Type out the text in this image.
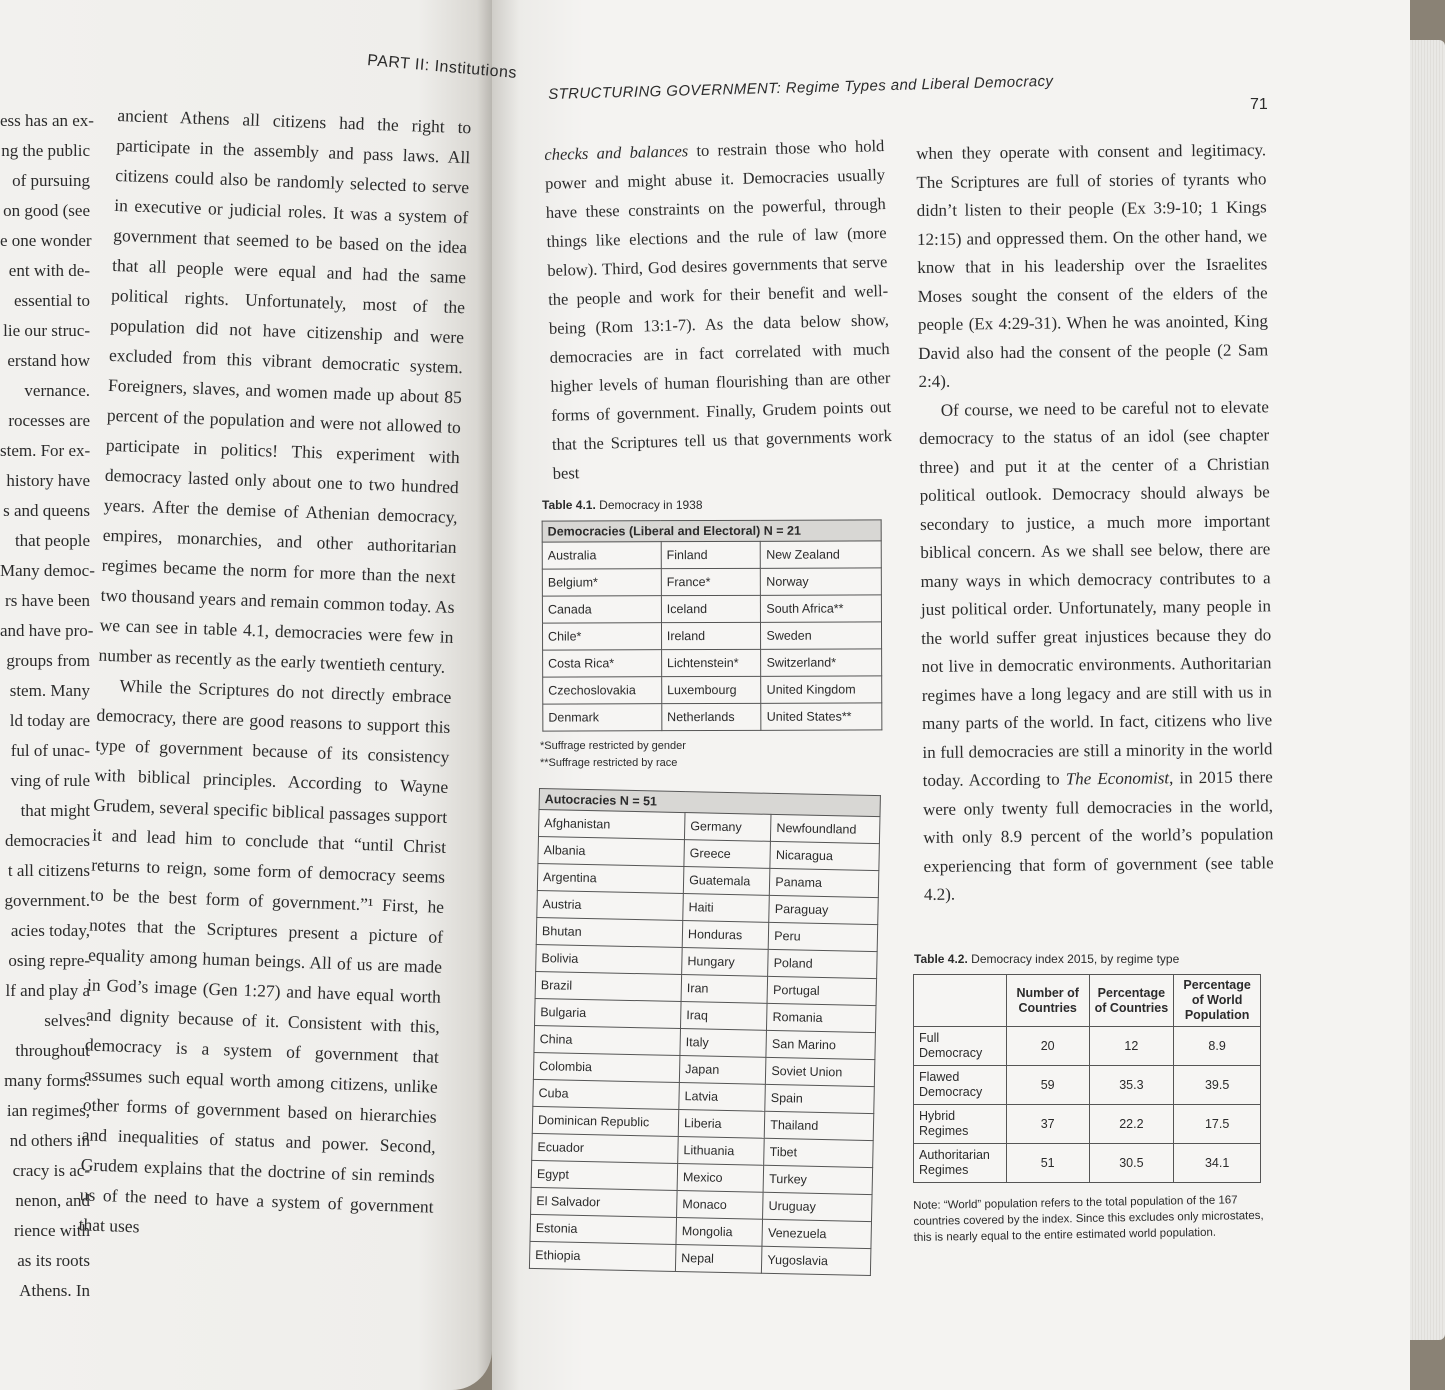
PART II: Institutions
STRUCTURING GOVERNMENT: Regime Types and Liberal Democracy
71
ess has an ex-
ng the public
of pursuing
on good (see
e one wonder
ent with de-
essential to
lie our struc-
erstand how
vernance.
rocesses are
stem. For ex-
history have
s and queens
that people
Many democ-
rs have been
and have pro-
groups from
stem. Many
ld today are
ful of unac-
ving of rule
that might
democracies
t all citizens
government.
acies today,
osing repre-
lf and play a
selves.
throughout
many forms.
ian regimes,
nd others in
cracy is ac-
nenon, and
rience with
as its roots
Athens. In

ancient Athens all citizens had the right to participate in the assembly and pass laws. All citizens could also be randomly selected to serve in executive or judicial roles. It was a system of government that seemed to be based on the idea that all people were equal and had the same political rights. Unfortunately, most of the population did not have citizenship and were excluded from this vibrant democratic system. Foreigners, slaves, and women made up about 85 percent of the population and were not allowed to participate in politics! This experiment with democracy lasted only about one to two hundred years. After the demise of Athenian democracy, empires, monarchies, and other authoritarian regimes became the norm for more than the next two thousand years and remain common today. As we can see in table 4.1, democracies were few in number as recently as the early twentieth century.

While the Scriptures do not directly embrace democracy, there are good reasons to support this type of government because of its consistency with biblical principles. According to Wayne Grudem, several specific biblical passages support it and lead him to conclude that “until Christ returns to reign, some form of democracy seems to be the best form of government.”¹ First, he notes that the Scriptures present a picture of equality among human beings. All of us are made in God’s image (Gen 1:27) and have equal worth and dignity because of it. Consistent with this, democracy is a system of government that assumes such equal worth among citizens, unlike other forms of government based on hierarchies and inequalities of status and power. Second, Grudem explains that the doctrine of sin reminds us of the need to have a system of government that uses

checks and balances to restrain those who hold power and might abuse it. Democracies usually have these constraints on the powerful, through things like elections and the rule of law (more below). Third, God desires governments that serve the people and work for their benefit and well-being (Rom 13:1-7). As the data below show, democracies are in fact correlated with much higher levels of human flourishing than are other forms of government. Finally, Grudem points out that the Scriptures tell us that governments work best

Table 4.1. Democracy in 1938
Democracies (Liberal and Electoral) N = 21		
Australia	Finland	New Zealand
Belgium*	France*	Norway
Canada	Iceland	South Africa**
Chile*	Ireland	Sweden
Costa Rica*	Lichtenstein*	Switzerland*
Czechoslovakia	Luxembourg	United Kingdom
Denmark	Netherlands	United States**
*Suffrage restricted by gender
**Suffrage restricted by race
Autocracies N = 51		
Afghanistan	Germany	Newfoundland
Albania	Greece	Nicaragua
Argentina	Guatemala	Panama
Austria	Haiti	Paraguay
Bhutan	Honduras	Peru
Bolivia	Hungary	Poland
Brazil	Iran	Portugal
Bulgaria	Iraq	Romania
China	Italy	San Marino
Colombia	Japan	Soviet Union
Cuba	Latvia	Spain
Dominican Republic	Liberia	Thailand
Ecuador	Lithuania	Tibet
Egypt	Mexico	Turkey
El Salvador	Monaco	Uruguay
Estonia	Mongolia	Venezuela
Ethiopia	Nepal	Yugoslavia

when they operate with consent and legitimacy. The Scriptures are full of stories of tyrants who didn’t listen to their people (Ex 3:9-10; 1 Kings 12:15) and oppressed them. On the other hand, we know that in his leadership over the Israelites Moses sought the consent of the elders of the people (Ex 4:29-31). When he was anointed, King David also had the consent of the people (2 Sam 2:4).

Of course, we need to be careful not to elevate democracy to the status of an idol (see chapter three) and put it at the center of a Christian political outlook. Democracy should always be secondary to justice, a much more important biblical concern. As we shall see below, there are many ways in which democracy contributes to a just political order. Unfortunately, many people in the world suffer great injustices because they do not live in democratic environments. Authoritarian regimes have a long legacy and are still with us in many parts of the world. In fact, citizens who live in full democracies are still a minority in the world today. According to The Economist, in 2015 there were only twenty full democracies in the world, with only 8.9 percent of the world’s population experiencing that form of government (see table 4.2).

Table 4.2. Democracy index 2015, by regime type
	Number of Countries	Percentage of Countries	Percentage of World Population
Full Democracy	20	12	8.9
Flawed Democracy	59	35.3	39.5
Hybrid Regimes	37	22.2	17.5
Authoritarian Regimes	51	30.5	34.1
Note: “World” population refers to the total population of the 167 countries covered by the index. Since this excludes only microstates, this is nearly equal to the entire estimated world population.
